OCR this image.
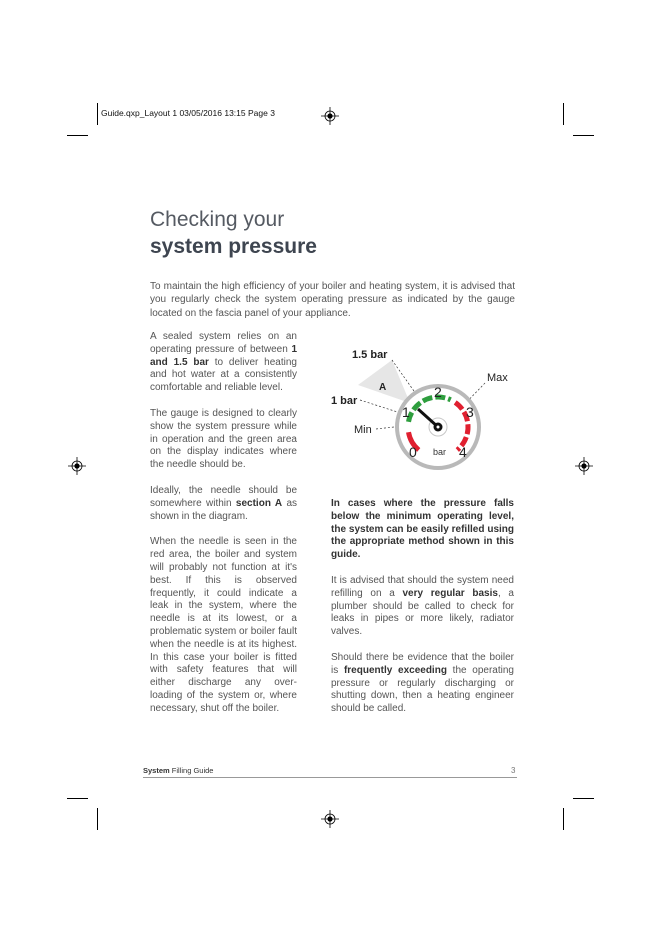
Guide.qxp_Layout 1 03/05/2016 13:15 Page 3
Checking your
system pressure
To maintain the high efficiency of your boiler and heating system, it is advised that you regularly check the system operating pressure as indicated by the gauge located on the fascia panel of your appliance.

A sealed system relies on an operating pressure of between 1 and 1.5 bar to deliver heating and hot water at a consistently comfortable and reliable level.

The gauge is designed to clearly show the system pressure while in operation and the green area on the display indicates where the needle should be.

Ideally, the needle should be somewhere within section A as shown in the diagram.

When the needle is seen in the red area, the boiler and system will probably not function at it's best. If this is observed frequently, it could indicate a leak in the system, where the needle is at its lowest, or a problematic system or boiler fault when the needle is at its highest. In this case your boiler is fitted with safety features that will either discharge any over-loading of the system or, where necessary, shut off the boiler.

0
1
2
3
4
bar
1.5 bar
1 bar
A
Max
Min

In cases where the pressure falls below the minimum operating level, the system can be easily refilled using the appropriate method shown in this guide.

It is advised that should the system need refilling on a very regular basis, a plumber should be called to check for leaks in pipes or more likely, radiator valves.

Should there be evidence that the boiler is frequently exceeding the operating pressure or regularly discharging or shutting down, then a heating engineer should be called.

System Filling Guide	3
